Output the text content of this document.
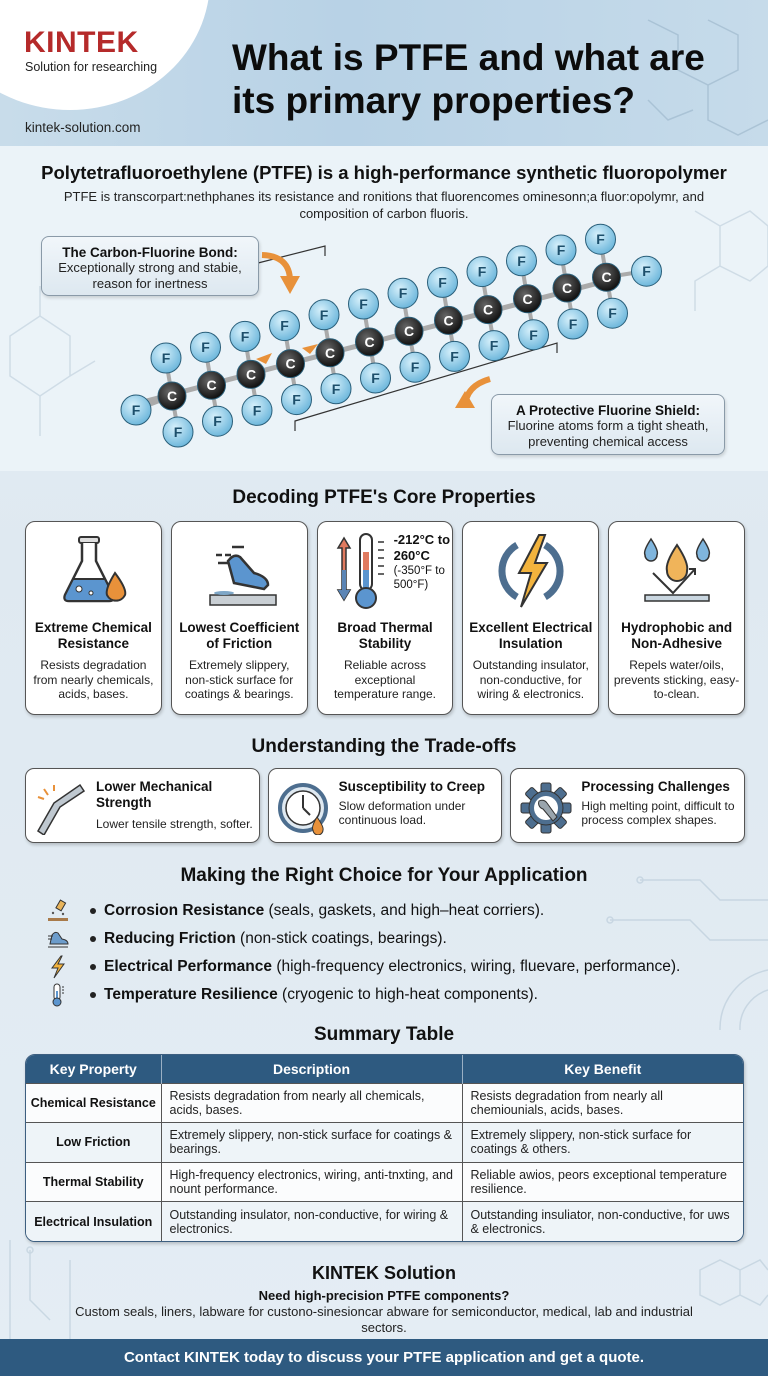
KINTEK
Solution for researching
kintek-solution.com
What is PTFE and what are its primary properties?
Polytetrafluoroethylene (PTFE) is a high-performance synthetic fluoropolymer
PTFE is transcorpart:nethphanes its resistance and ronitions that fluorencomes ominesonn;a fluor:opolymr, and composition of carbon fluoris.
F
F
F
F
F
F
F
F
F
F
F
F
F
F
F
F
F
F
F
F
F
F
F
F
F
F
C
C
C
C
C
C
C
C
C
C
C
C
The Carbon-Fluorine Bond:
Exceptionally strong and stabie, reason for inertness
A Protective Fluorine Shield:
Fluorine atoms form a tight sheath, preventing chemical access
Decoding PTFE's Core Properties
Extreme Chemical Resistance
Resists degradation from nearly chemicals, acids, bases.
Lowest Coefficient of Friction
Extremely slippery, non-stick surface for coatings & bearings.
-212°C to 260°C
(-350°F to 500°F)
Broad Thermal Stability
Reliable across exceptional temperature range.
Excellent Electrical Insulation
Outstanding insulator, non-conductive, for wiring & electronics.
Hydrophobic and Non-Adhesive
Repels water/oils, prevents sticking, easy-to-clean.
Understanding the Trade-offs
Lower Mechanical Strength
Lower tensile strength, softer.
Susceptibility to Creep
Slow deformation under continuous load.
Processing Challenges
High melting point, difficult to process complex shapes.
Making the Right Choice for Your Application
Corrosion Resistance (seals, gaskets, and high–heat corriers).
Reducing Friction (non-stick coatings, bearings).
Electrical Performance (high-frequency electronics, wiring, fluevare, performance).
Temperature Resilience (cryogenic to high-heat components).
Summary Table
Key Property	Description	Key Benefit
Chemical Resistance	Resists degradation from nearly all chemicals, acids, bases.	Resists degradation from nearly all chemiounials, acids, bases.
Low Friction	Extremely slippery, non-stick surface for coatings & bearings.	Extremely slippery, non-stick surface for coatings & others.
Thermal Stability	High-frequency electronics, wiring, anti-tnxting, and nount performance.	Reliable awios, peors exceptional temperature resilience.
Electrical Insulation	Outstanding insulator, non-conductive, for wiring & electronics.	Outstanding insuliator, non-conductive, for uws & electronics.
KINTEK Solution
Need high-precision PTFE components?
Custom seals, liners, labware for custono-sinesioncar abware for semiconductor, medical, lab and industrial sectors.
Contact KINTEK today to discuss your PTFE application and get a quote.
